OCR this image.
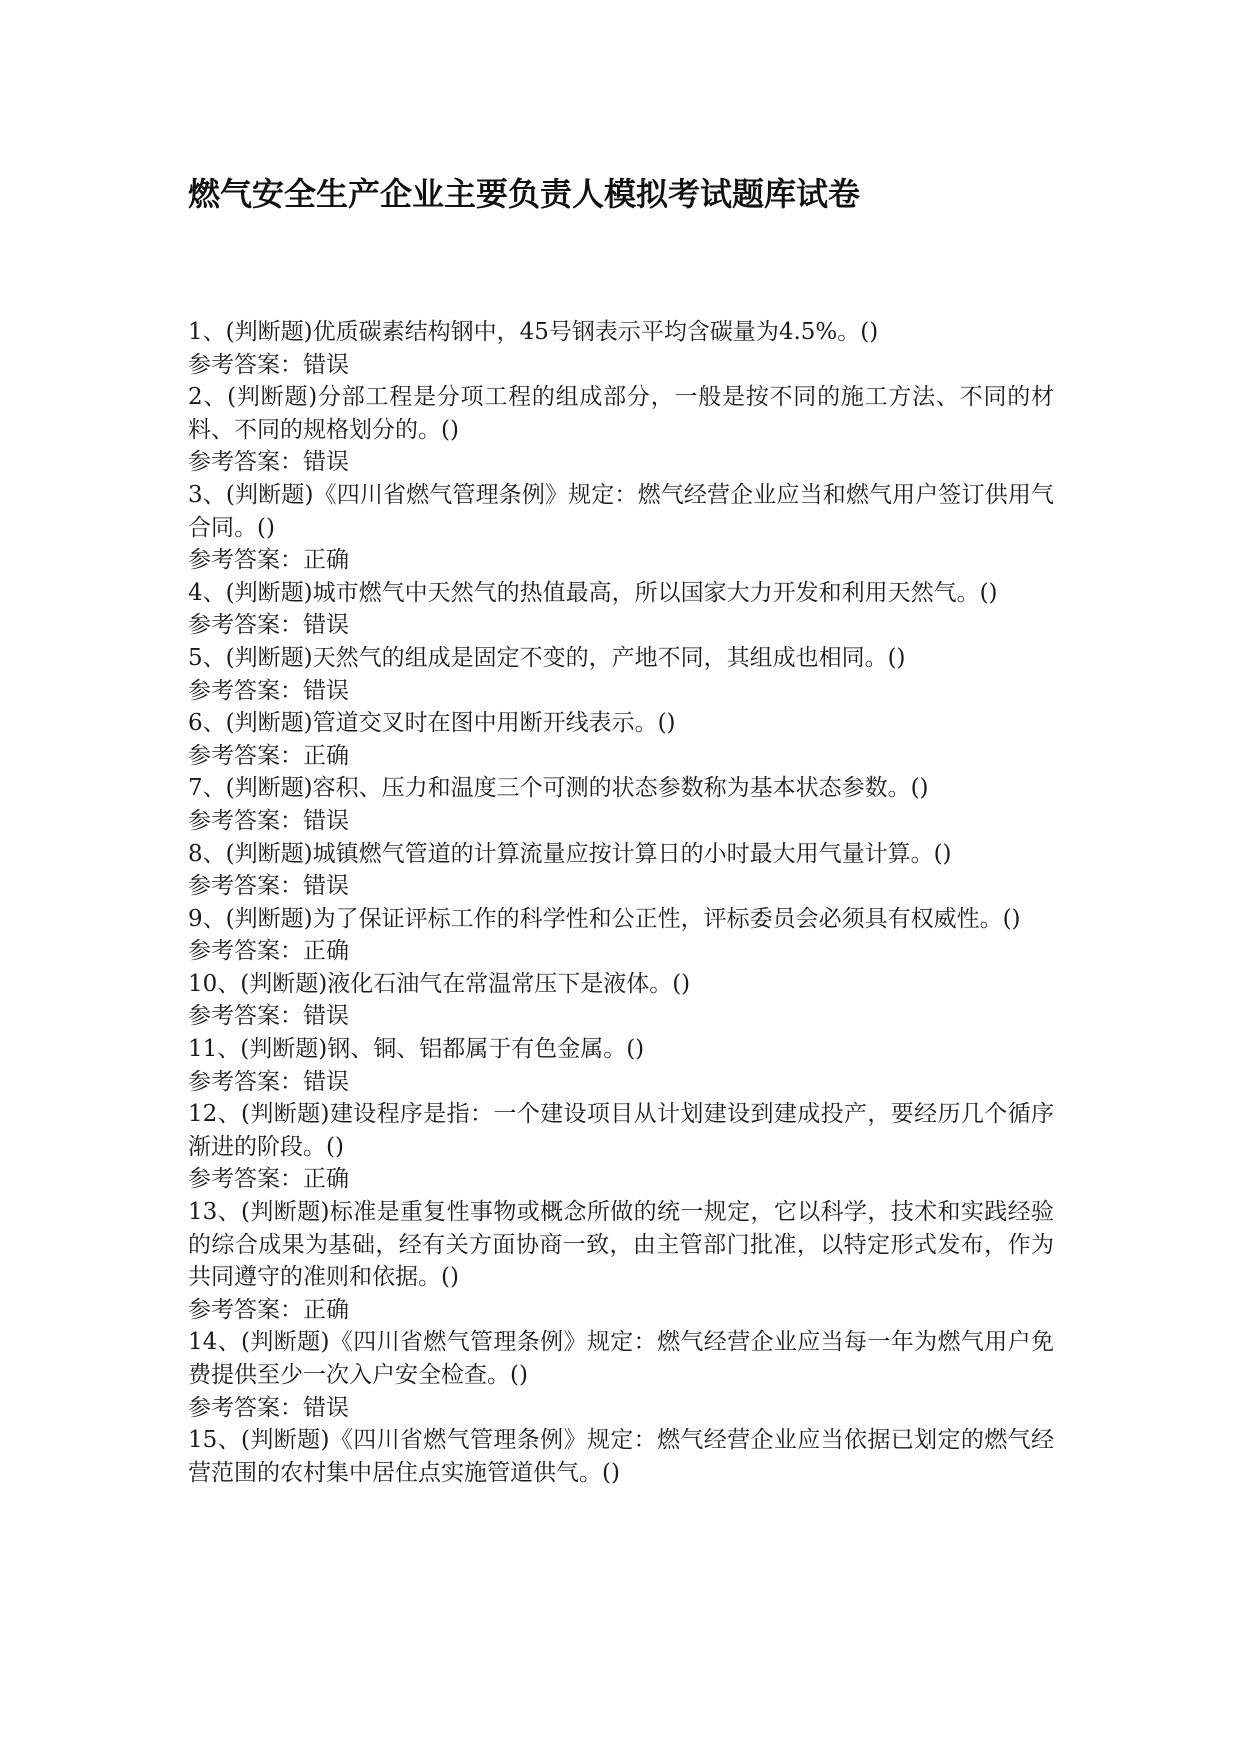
燃气安全生产企业主要负责人模拟考试题库试卷

1、(判断题)优质碳素结构钢中，45号钢表示平均含碳量为4.5%。()

参考答案：错误

2、(判断题)分部工程是分项工程的组成部分，一般是按不同的施工方法、不同的材料、不同的规格划分的。()

参考答案：错误

3、(判断题)《四川省燃气管理条例》规定：燃气经营企业应当和燃气用户签订供用气合同。()

参考答案：正确

4、(判断题)城市燃气中天然气的热值最高，所以国家大力开发和利用天然气。()

参考答案：错误

5、(判断题)天然气的组成是固定不变的，产地不同，其组成也相同。()

参考答案：错误

6、(判断题)管道交叉时在图中用断开线表示。()

参考答案：正确

7、(判断题)容积、压力和温度三个可测的状态参数称为基本状态参数。()

参考答案：错误

8、(判断题)城镇燃气管道的计算流量应按计算日的小时最大用气量计算。()

参考答案：错误

9、(判断题)为了保证评标工作的科学性和公正性，评标委员会必须具有权威性。()

参考答案：正确

10、(判断题)液化石油气在常温常压下是液体。()

参考答案：错误

11、(判断题)钢、铜、铝都属于有色金属。()

参考答案：错误

12、(判断题)建设程序是指：一个建设项目从计划建设到建成投产，要经历几个循序渐进的阶段。()

参考答案：正确

13、(判断题)标准是重复性事物或概念所做的统一规定，它以科学，技术和实践经验的综合成果为基础，经有关方面协商一致，由主管部门批准，以特定形式发布，作为共同遵守的准则和依据。()

参考答案：正确

14、(判断题)《四川省燃气管理条例》规定：燃气经营企业应当每一年为燃气用户免费提供至少一次入户安全检查。()

参考答案：错误

15、(判断题)《四川省燃气管理条例》规定：燃气经营企业应当依据已划定的燃气经营范围的农村集中居住点实施管道供气。()
